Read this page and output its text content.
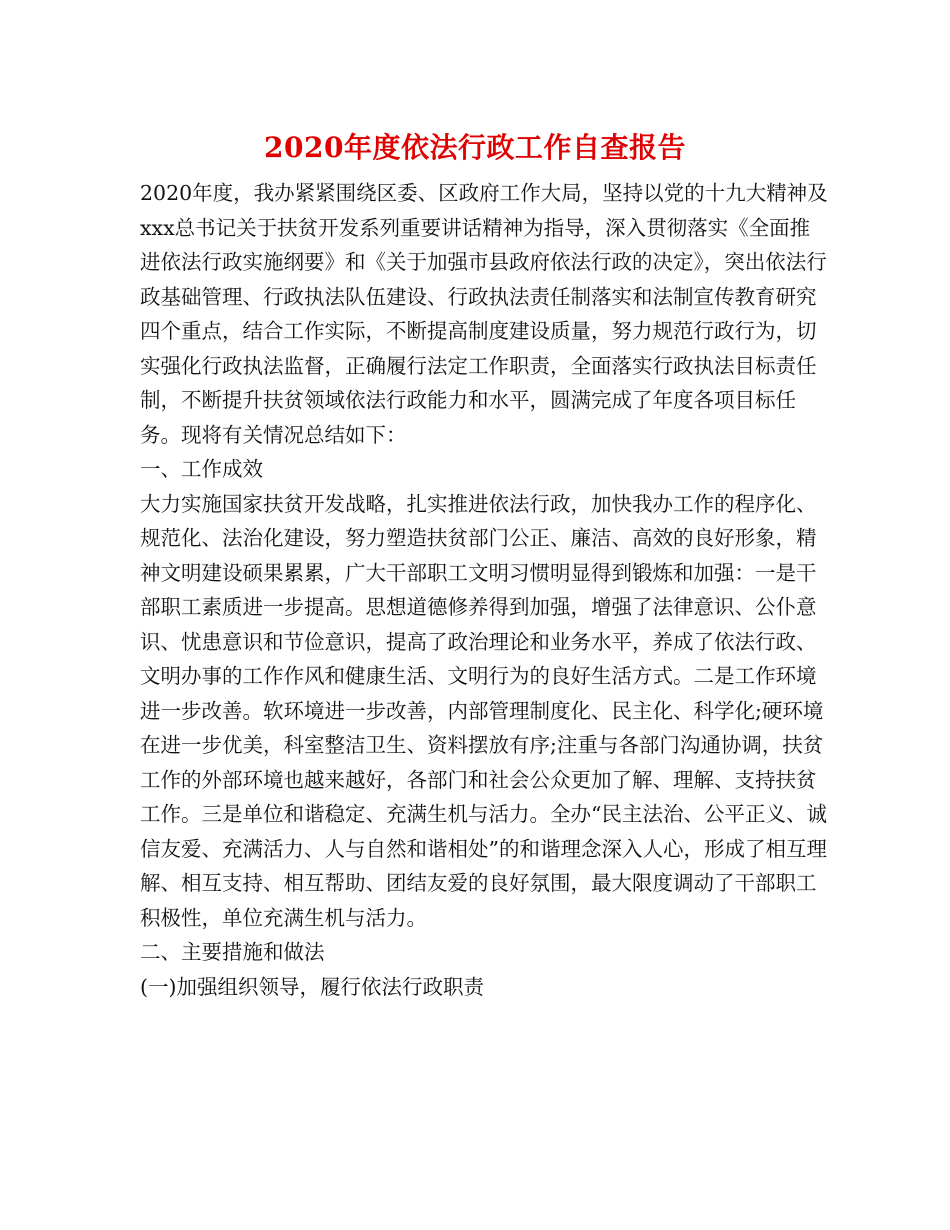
2020年度依法行政工作自查报告

2020年度，我办紧紧围绕区委、区政府工作大局，坚持以党的十九大精神及xxx总书记关于扶贫开发系列重要讲话精神为指导，深入贯彻落实《全面推进依法行政实施纲要》和《关于加强市县政府依法行政的决定》，突出依法行政基础管理、行政执法队伍建设、行政执法责任制落实和法制宣传教育研究四个重点，结合工作实际，不断提高制度建设质量，努力规范行政行为，切实强化行政执法监督，正确履行法定工作职责，全面落实行政执法目标责任制，不断提升扶贫领域依法行政能力和水平，圆满完成了年度各项目标任务。现将有关情况总结如下：

一、工作成效

大力实施国家扶贫开发战略，扎实推进依法行政，加快我办工作的程序化、规范化、法治化建设，努力塑造扶贫部门公正、廉洁、高效的良好形象，精神文明建设硕果累累，广大干部职工文明习惯明显得到锻炼和加强：一是干部职工素质进一步提高。思想道德修养得到加强，增强了法律意识、公仆意识、忧患意识和节俭意识，提高了政治理论和业务水平，养成了依法行政、文明办事的工作作风和健康生活、文明行为的良好生活方式。二是工作环境进一步改善。软环境进一步改善，内部管理制度化、民主化、科学化;硬环境在进一步优美，科室整洁卫生、资料摆放有序;注重与各部门沟通协调，扶贫工作的外部环境也越来越好，各部门和社会公众更加了解、理解、支持扶贫工作。三是单位和谐稳定、充满生机与活力。全办“民主法治、公平正义、诚信友爱、充满活力、人与自然和谐相处”的和谐理念深入人心，形成了相互理解、相互支持、相互帮助、团结友爱的良好氛围，最大限度调动了干部职工积极性，单位充满生机与活力。

二、主要措施和做法

(一)加强组织领导，履行依法行政职责
